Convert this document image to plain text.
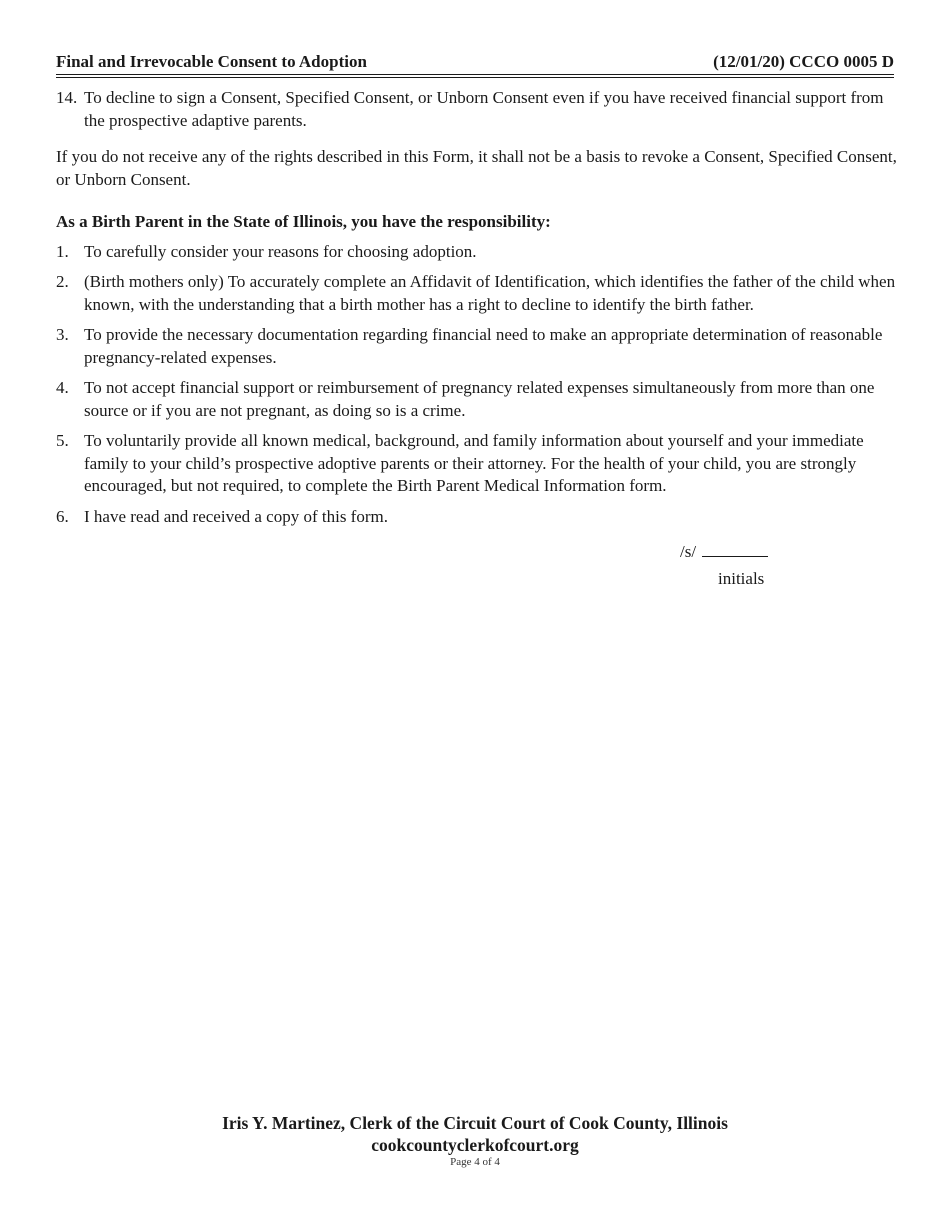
Final and Irrevocable Consent to Adoption	(12/01/20) CCCO 0005 D
14. To decline to sign a Consent, Specified Consent, or Unborn Consent even if you have received financial support from the prospective adaptive parents.

If you do not receive any of the rights described in this Form, it shall not be a basis to revoke a Consent, Specified Consent, or Unborn Consent.

As a Birth Parent in the State of Illinois, you have the responsibility:

1. To carefully consider your reasons for choosing adoption.
2. (Birth mothers only) To accurately complete an Affidavit of Identification, which identifies the father of the child when known, with the understanding that a birth mother has a right to decline to identify the birth father.
3. To provide the necessary documentation regarding financial need to make an appropriate determination of reasonable pregnancy-related expenses.
4. To not accept financial support or reimbursement of pregnancy related expenses simultaneously from more than one source or if you are not pregnant, as doing so is a crime.
5. To voluntarily provide all known medical, background, and family information about yourself and your immediate family to your child’s prospective adoptive parents or their attorney. For the health of your child, you are strongly encouraged, but not required, to complete the Birth Parent Medical Information form.
6. I have read and received a copy of this form.
/s/
initials
Iris Y. Martinez, Clerk of the Circuit Court of Cook County, Illinois
cookcountyclerkofcourt.org
Page 4 of 4
